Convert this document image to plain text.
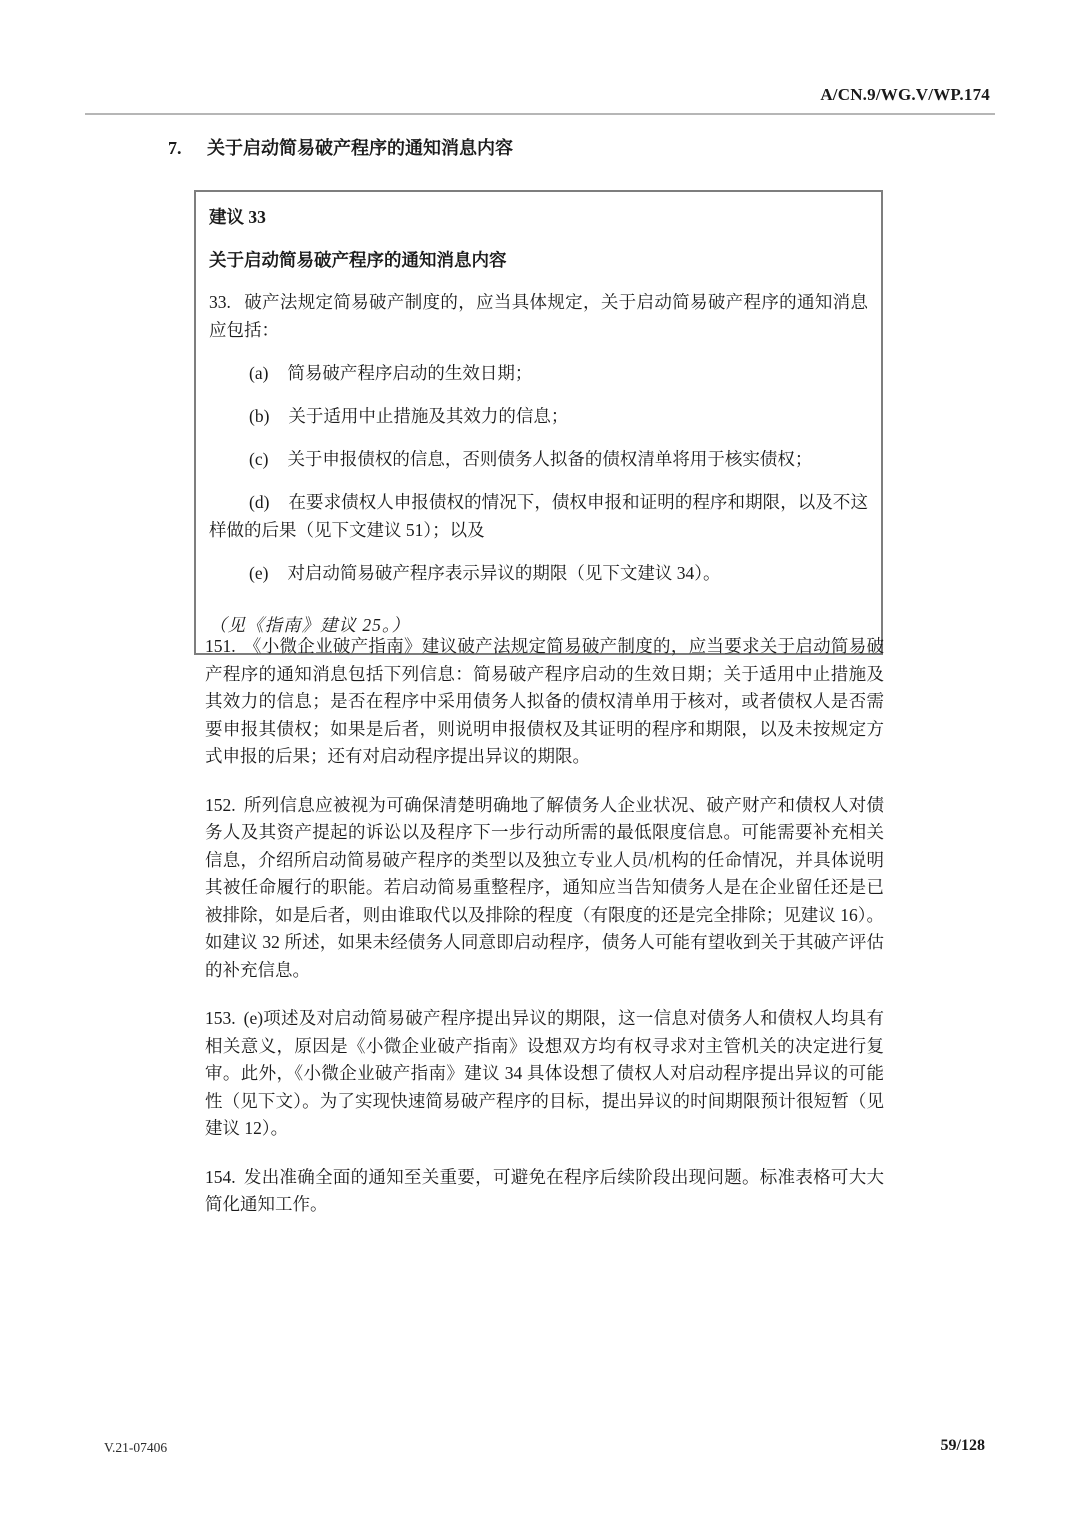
A/CN.9/WG.V/WP.174
7.	关于启动简易破产程序的通知消息内容

建议 33

关于启动简易破产程序的通知消息内容

33. 破产法规定简易破产制度的，应当具体规定，关于启动简易破产程序的通知消息应包括：

(a) 简易破产程序启动的生效日期；

(b) 关于适用中止措施及其效力的信息；

(c) 关于申报债权的信息，否则债务人拟备的债权清单将用于核实债权；

(d) 在要求债权人申报债权的情况下，债权申报和证明的程序和期限，以及不这样做的后果（见下文建议 51）；以及

(e) 对启动简易破产程序表示异议的期限（见下文建议 34）。

（见《指南》建议 25。）

151. 《小微企业破产指南》建议破产法规定简易破产制度的，应当要求关于启动简易破产程序的通知消息包括下列信息：简易破产程序启动的生效日期；关于适用中止措施及其效力的信息；是否在程序中采用债务人拟备的债权清单用于核对，或者债权人是否需要申报其债权；如果是后者，则说明申报债权及其证明的程序和期限，以及未按规定方式申报的后果；还有对启动程序提出异议的期限。

152. 所列信息应被视为可确保清楚明确地了解债务人企业状况、破产财产和债权人对债务人及其资产提起的诉讼以及程序下一步行动所需的最低限度信息。可能需要补充相关信息，介绍所启动简易破产程序的类型以及独立专业人员/机构的任命情况，并具体说明其被任命履行的职能。若启动简易重整程序，通知应当告知债务人是在企业留任还是已被排除，如是后者，则由谁取代以及排除的程度（有限度的还是完全排除；见建议 16）。如建议 32 所述，如果未经债务人同意即启动程序，债务人可能有望收到关于其破产评估的补充信息。

153. (e)项述及对启动简易破产程序提出异议的期限，这一信息对债务人和债权人均具有相关意义，原因是《小微企业破产指南》设想双方均有权寻求对主管机关的决定进行复审。此外，《小微企业破产指南》建议 34 具体设想了债权人对启动程序提出异议的可能性（见下文）。为了实现快速简易破产程序的目标，提出异议的时间期限预计很短暂（见建议 12）。

154. 发出准确全面的通知至关重要，可避免在程序后续阶段出现问题。标准表格可大大简化通知工作。

V.21-07406	59/128
